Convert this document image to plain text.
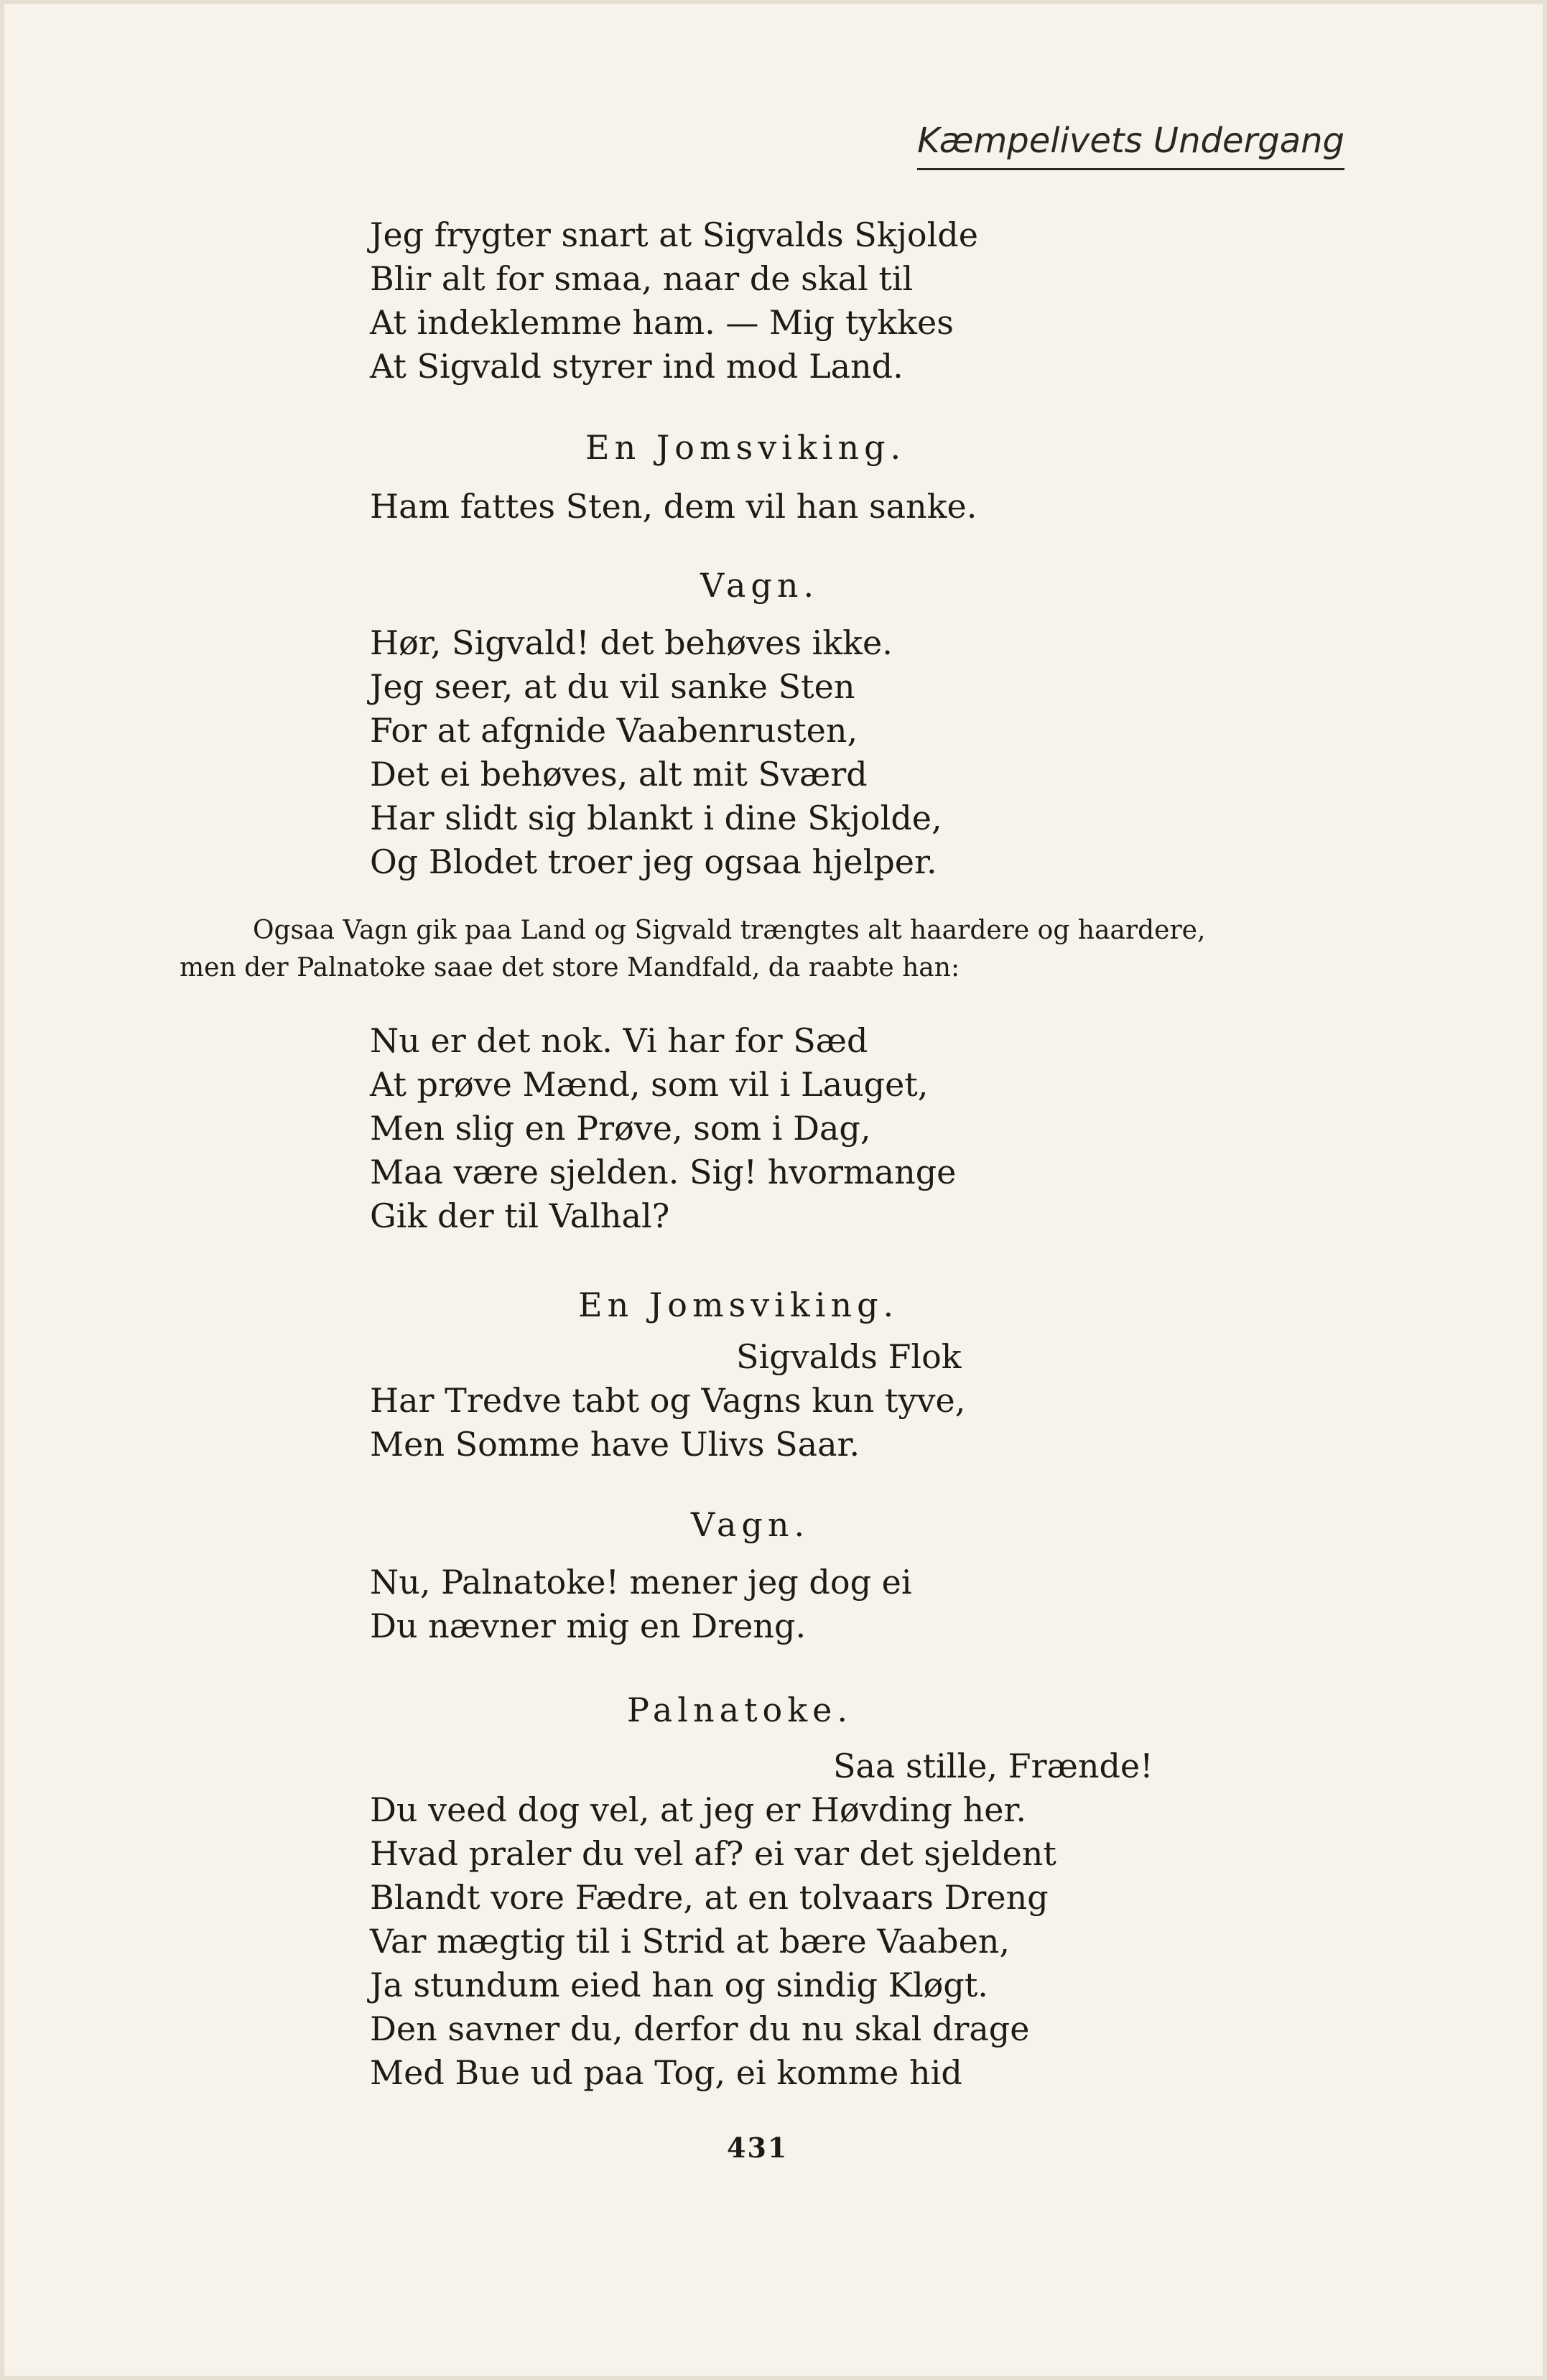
Kæmpelivets Undergang
Jeg frygter snart at Sigvalds Skjolde
Blir alt for smaa, naar de skal til
At indeklemme ham. — Mig tykkes
At Sigvald styrer ind mod Land.
En Jomsviking.
Ham fattes Sten, dem vil han sanke.
Vagn.
Hør, Sigvald! det behøves ikke.
Jeg seer, at du vil sanke Sten
For at afgnide Vaabenrusten,
Det ei behøves, alt mit Sværd
Har slidt sig blankt i dine Skjolde,
Og Blodet troer jeg ogsaa hjelper.
Ogsaa Vagn gik paa Land og Sigvald trængtes alt haardere og haardere,
men der Palnatoke saae det store Mandfald, da raabte han:
Nu er det nok. Vi har for Sæd
At prøve Mænd, som vil i Lauget,
Men slig en Prøve, som i Dag,
Maa være sjelden. Sig! hvormange
Gik der til Valhal?
En Jomsviking.
Sigvalds Flok
Har Tredve tabt og Vagns kun tyve,
Men Somme have Ulivs Saar.
Vagn.
Nu, Palnatoke! mener jeg dog ei
Du nævner mig en Dreng.
Palnatoke.
Saa stille, Frænde!
Du veed dog vel, at jeg er Høvding her.
Hvad praler du vel af? ei var det sjeldent
Blandt vore Fædre, at en tolvaars Dreng
Var mægtig til i Strid at bære Vaaben,
Ja stundum eied han og sindig Kløgt.
Den savner du, derfor du nu skal drage
Med Bue ud paa Tog, ei komme hid
431
